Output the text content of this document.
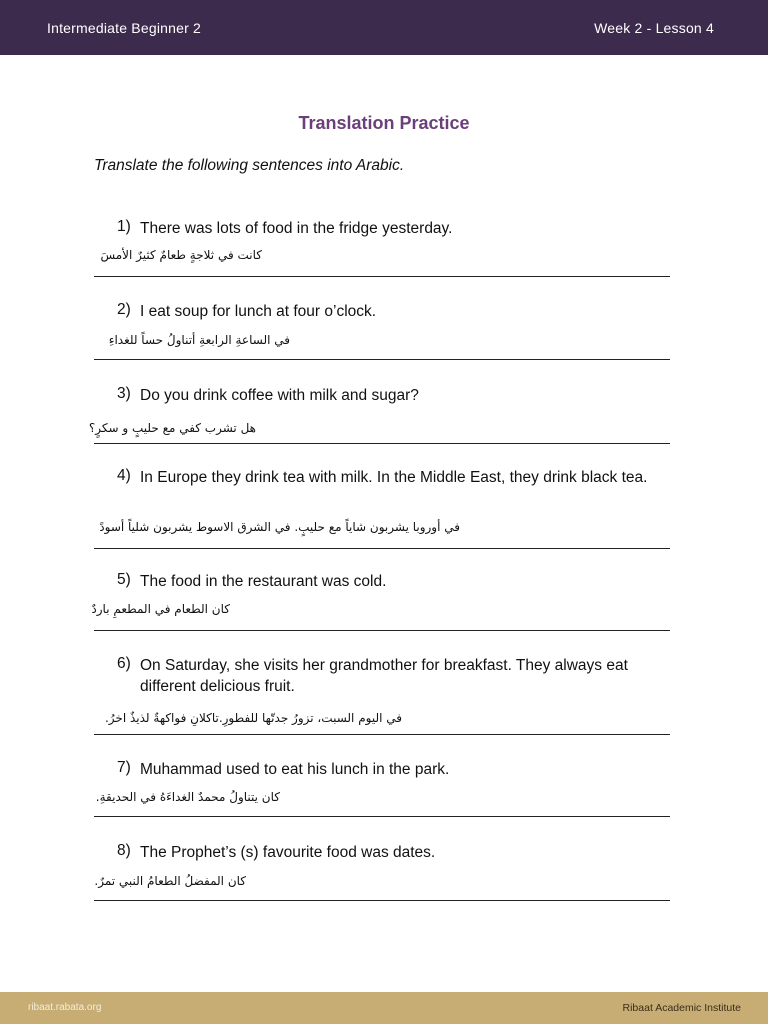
Intermediate Beginner 2	Week 2 - Lesson 4
Translation Practice
Translate the following sentences into Arabic.
1) There was lots of food in the fridge yesterday.
كانت في ثلاجةٍ طعامٌ كثيرٌ الأمسَ
2) I eat soup for lunch at four o’clock.
في الساعةِ الرابعةِ أتناولُ حساً للغداءِ
3) Do you drink coffee with milk and sugar?
هل تشرب كفي مع حليبٍ و سكرٍ؟
4) In Europe they drink tea with milk. In the Middle East, they drink black tea.
في أوروبا يشربون شاياً مع حليبٍ. في الشرق الاسوط يشربون شلياً أسودً
5) The food in the restaurant was cold.
كان الطعام في المطعمِ باردٌ
6) On Saturday, she visits her grandmother for breakfast. They always eat different delicious fruit.
في اليوم السبت، تزورُ جدتّها للفطورِ.تاكلانِ فواكهةٌ لذيذٌ اخرُ.
7) Muhammad used to eat his lunch in the park.
كان يتناولُ محمدٌ الغداءَهُ في الحديقةِ.
8) The Prophet’s (s) favourite food was dates.
كان المفضلُ الطعامُ النبي تمرٌ.
ribaat.rabata.org	Ribaat Academic Institute
